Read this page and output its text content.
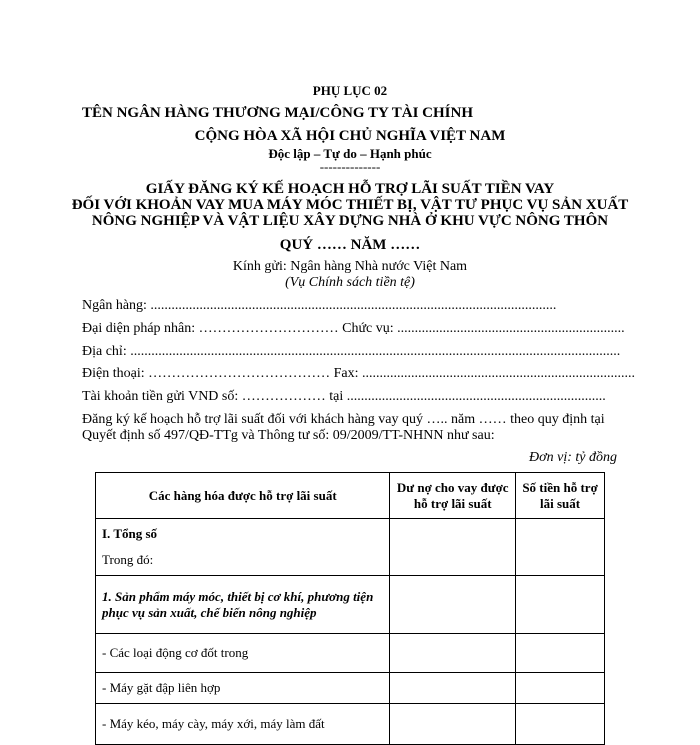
PHỤ LỤC 02
TÊN NGÂN HÀNG THƯƠNG MẠI/CÔNG TY TÀI CHÍNH
CỘNG HÒA XÃ HỘI CHỦ NGHĨA VIỆT NAM
Độc lập – Tự do – Hạnh phúc
--------------
GIẤY ĐĂNG KÝ KẾ HOẠCH HỖ TRỢ LÃI SUẤT TIỀN VAY
ĐỐI VỚI KHOẢN VAY MUA MÁY MÓC THIẾT BỊ, VẬT TƯ PHỤC VỤ SẢN XUẤT
NÔNG NGHIỆP VÀ VẬT LIỆU XÂY DỰNG NHÀ Ở KHU VỰC NÔNG THÔN
QUÝ …… NĂM ……
Kính gửi: Ngân hàng Nhà nước Việt Nam
(Vụ Chính sách tiền tệ)
Ngân hàng: ....................................................................................................................
Đại diện pháp nhân: ………………………… Chức vụ: .................................................................
Địa chỉ: ............................................................................................................................................
Điện thoại: ………………………………… Fax: ..............................................................................
Tài khoản tiền gửi VND số: ……………… tại ..........................................................................
Đăng ký kế hoạch hỗ trợ lãi suất đối với khách hàng vay quý ….. năm …… theo quy định tại
Quyết định số 497/QĐ-TTg và Thông tư số: 09/2009/TT-NHNN như sau:
Đơn vị: tỷ đồng
Các hàng hóa được hỗ trợ lãi suất	Dư nợ cho vay được hỗ trợ lãi suất	Số tiền hỗ trợ lãi suất
I. Tổng số
Trong đó:		

1. Sản phẩm máy móc, thiết bị cơ khí, phương tiện phục vụ sản xuất, chế biến nông nghiệp		
- Các loại động cơ đốt trong		
- Máy gặt đập liên hợp		
- Máy kéo, máy cày, máy xới, máy làm đất		
